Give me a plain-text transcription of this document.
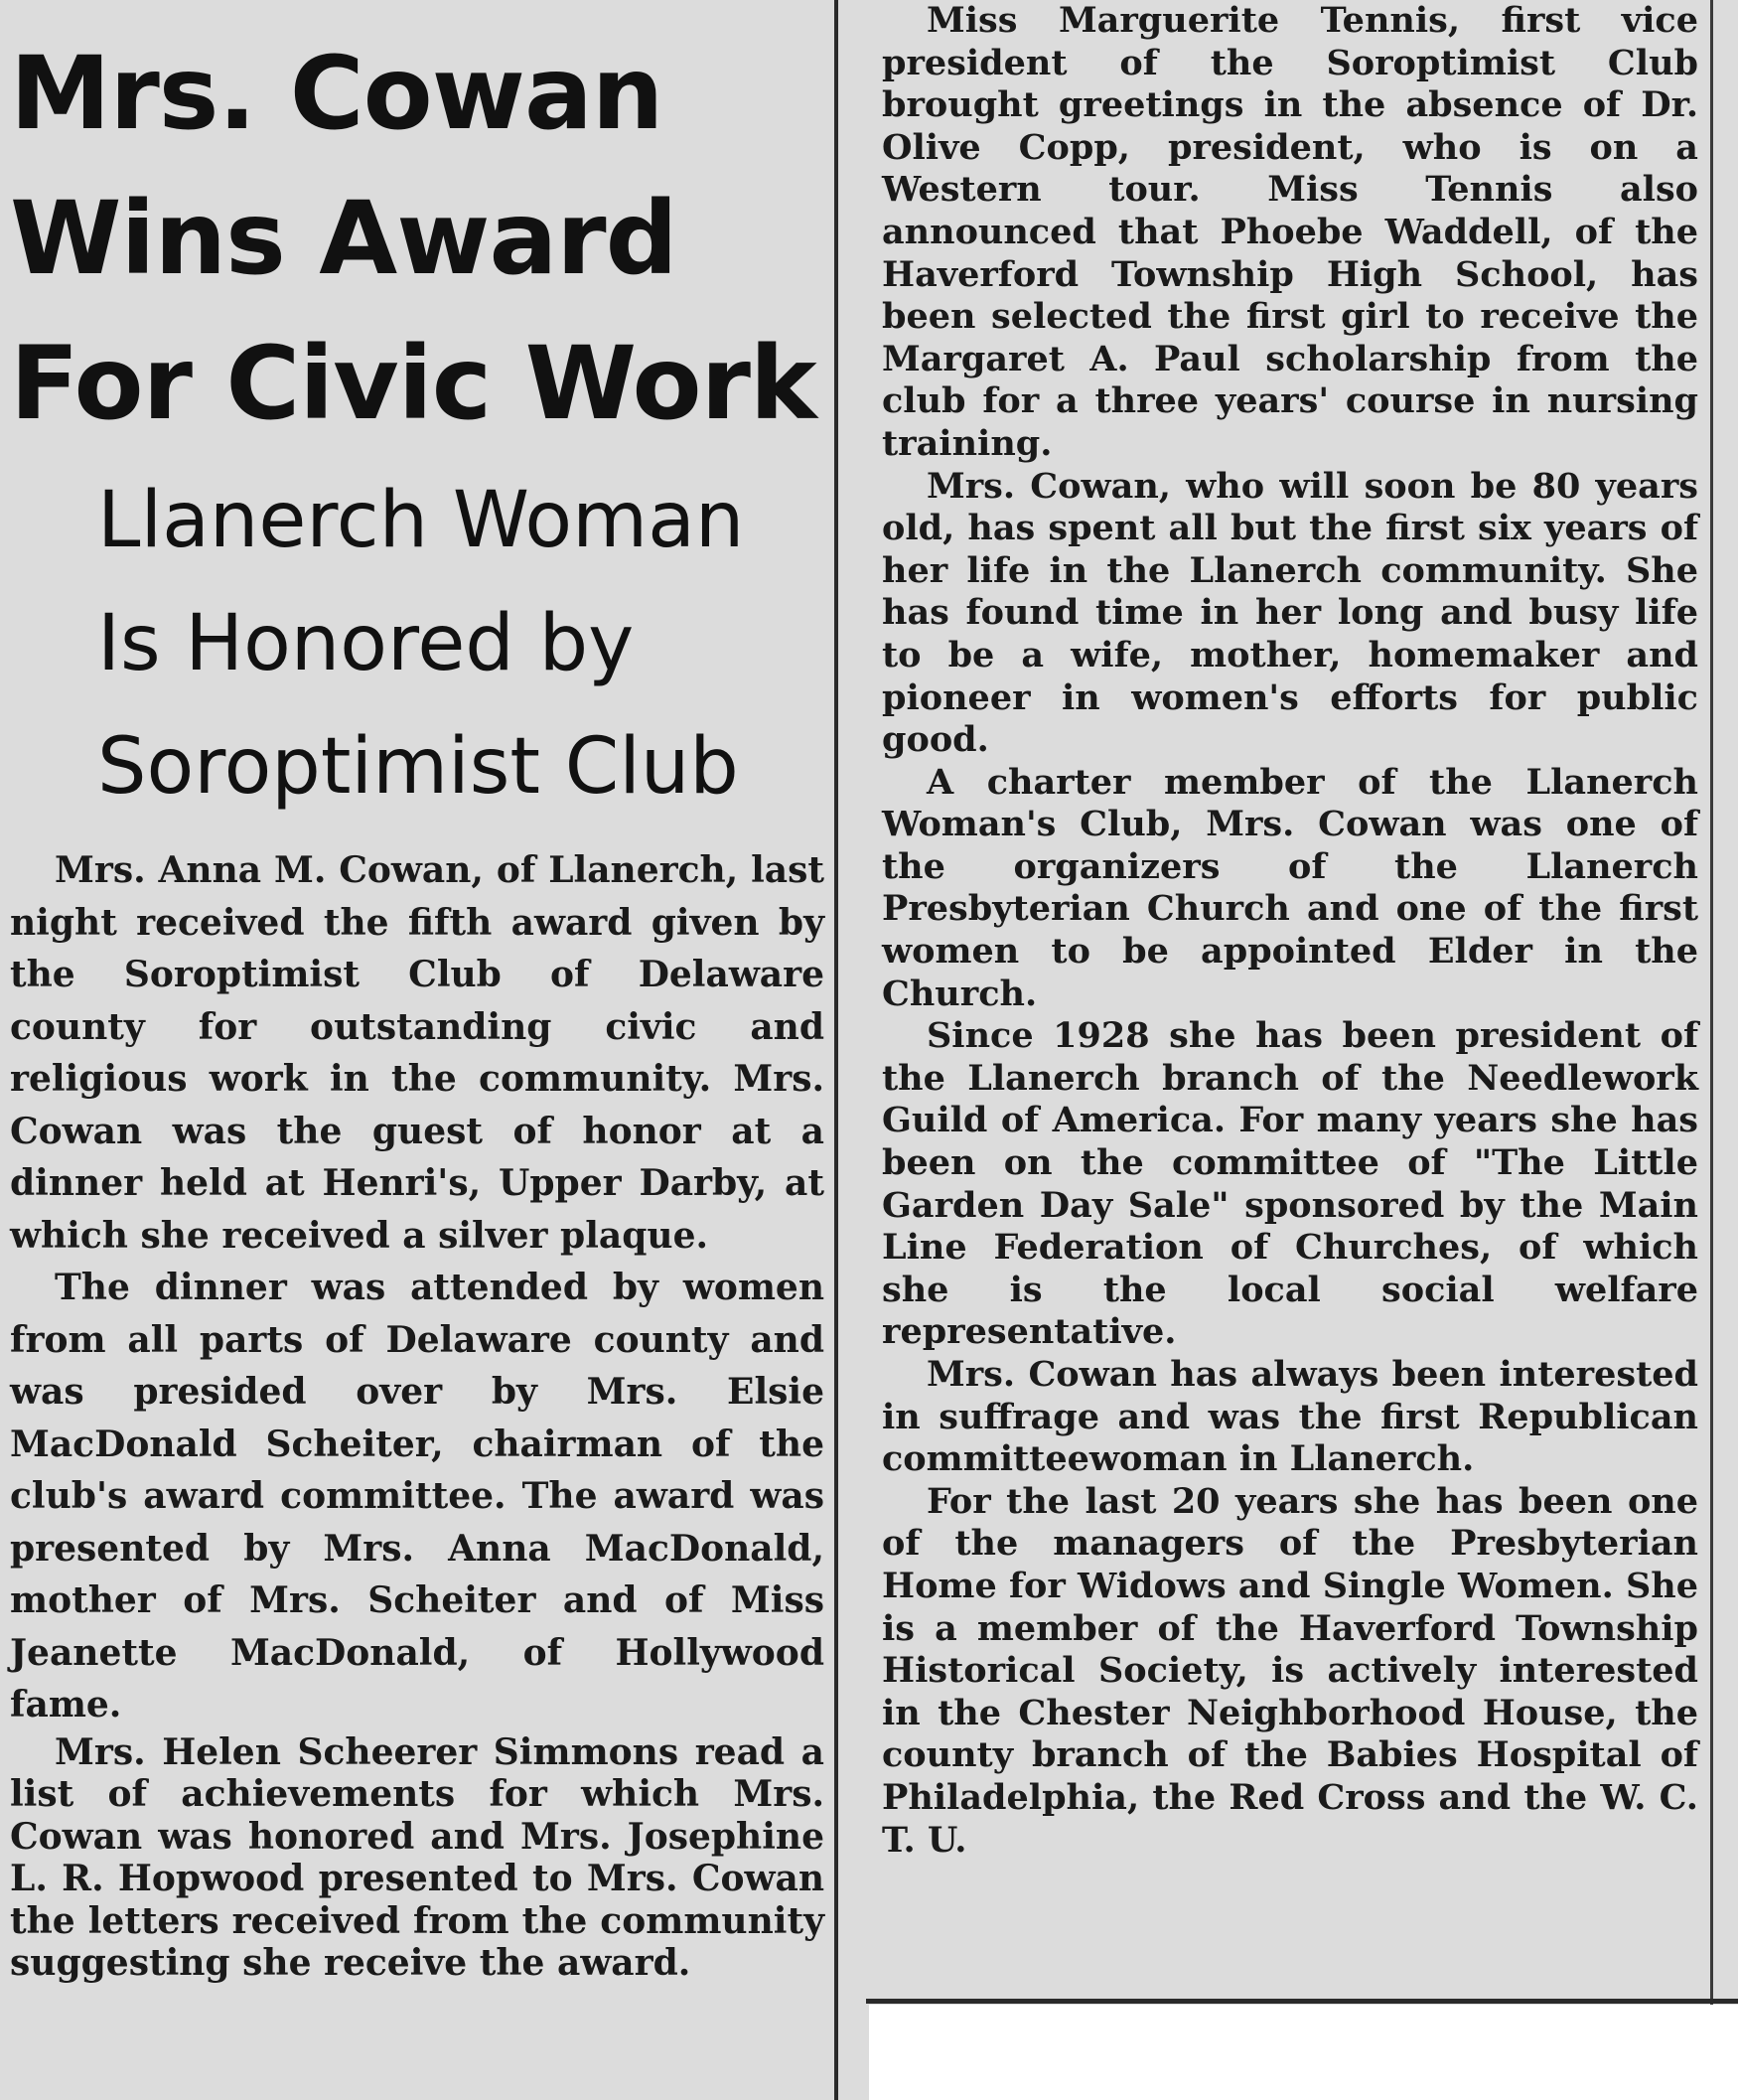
Mrs. Cowan Wins Award For Civic Work
Llanerch Woman Is Honored by Soroptimist Club

Mrs. Anna M. Cowan, of Llanerch, last night received the fifth award given by the Soroptimist Club of Delaware county for outstanding civic and religious work in the community. Mrs. Cowan was the guest of honor at a dinner held at Henri's, Upper Darby, at which she received a silver plaque.

The dinner was attended by women from all parts of Delaware county and was presided over by Mrs. Elsie MacDonald Scheiter, chairman of the club's award committee. The award was presented by Mrs. Anna MacDonald, mother of Mrs. Scheiter and of Miss Jeanette MacDonald, of Hollywood fame.

Mrs. Helen Scheerer Simmons read a list of achievements for which Mrs. Cowan was honored and Mrs. Josephine L. R. Hopwood presented to Mrs. Cowan the letters received from the community suggesting she receive the award.

Miss Marguerite Tennis, first vice president of the Soroptimist Club brought greetings in the absence of Dr. Olive Copp, president, who is on a Western tour. Miss Tennis also announced that Phoebe Waddell, of the Haverford Township High School, has been selected the first girl to receive the Margaret A. Paul scholarship from the club for a three years' course in nursing training.

Mrs. Cowan, who will soon be 80 years old, has spent all but the first six years of her life in the Llanerch community. She has found time in her long and busy life to be a wife, mother, homemaker and pioneer in women's efforts for public good.

A charter member of the Llanerch Woman's Club, Mrs. Cowan was one of the organizers of the Llanerch Presbyterian Church and one of the first women to be appointed Elder in the Church.

Since 1928 she has been president of the Llanerch branch of the Needlework Guild of America. For many years she has been on the committee of "The Little Garden Day Sale" sponsored by the Main Line Federation of Churches, of which she is the local social welfare representative.

Mrs. Cowan has always been interested in suffrage and was the first Republican committeewoman in Llanerch.

For the last 20 years she has been one of the managers of the Presbyterian Home for Widows and Single Women. She is a member of the Haverford Township Historical Society, is actively interested in the Chester Neighborhood House, the county branch of the Babies Hospital of Philadelphia, the Red Cross and the W. C. T. U.
